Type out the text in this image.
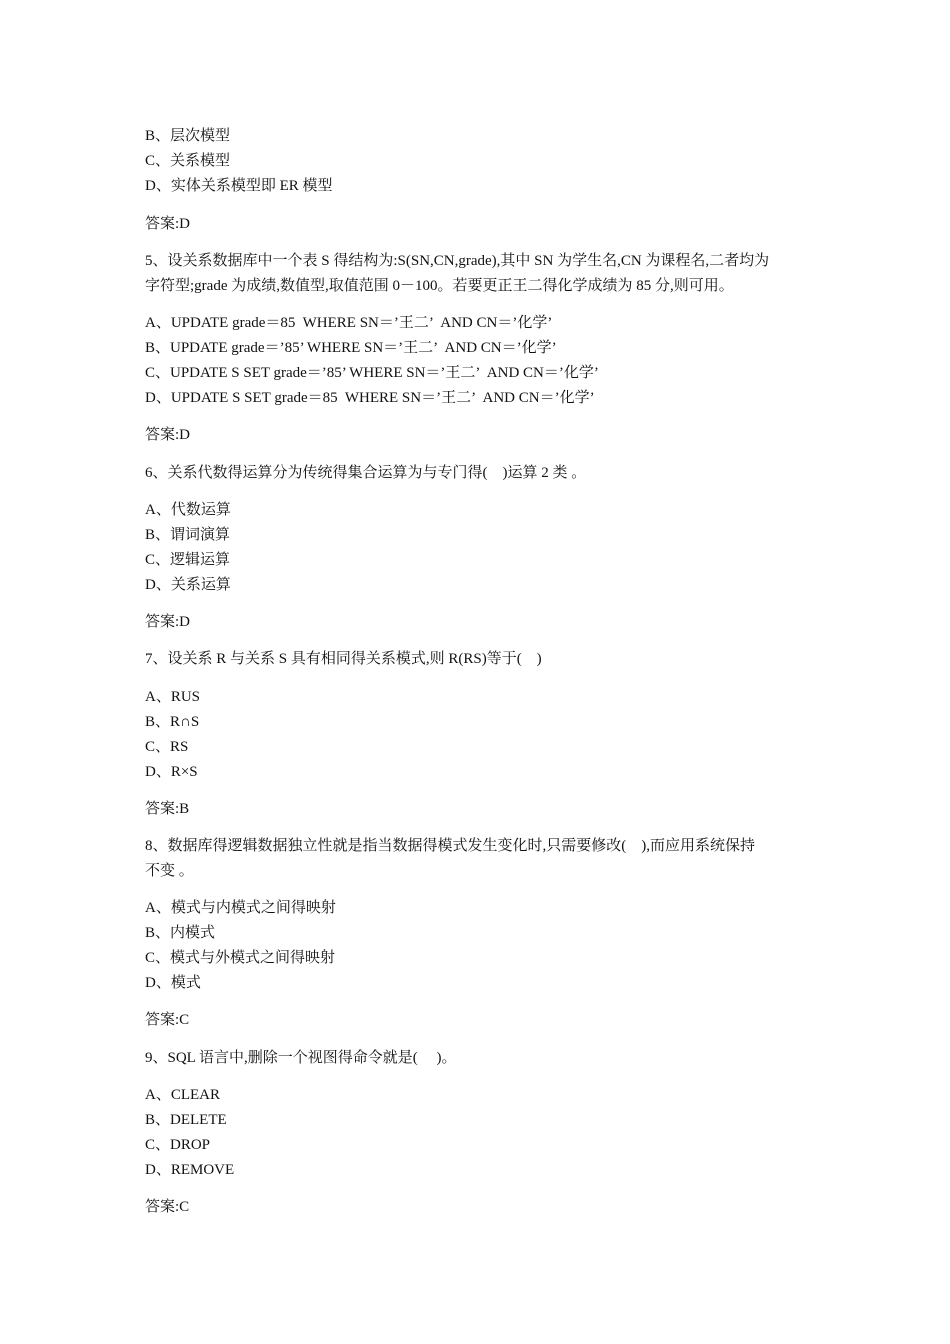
B、层次模型
C、关系模型
D、实体关系模型即 ER 模型
答案:D
5、设关系数据库中一个表 S 得结构为:S(SN,CN,grade),其中 SN 为学生名,CN 为课程名,二者均为
字符型;grade 为成绩,数值型,取值范围 0－100。若要更正王二得化学成绩为 85 分,则可用。
A、UPDATE grade＝85  WHERE SN＝’王二’  AND CN＝’化学’
B、UPDATE grade＝’85’ WHERE SN＝’王二’  AND CN＝’化学’
C、UPDATE S SET grade＝’85’ WHERE SN＝’王二’  AND CN＝’化学’
D、UPDATE S SET grade＝85  WHERE SN＝’王二’  AND CN＝’化学’
答案:D
6、关系代数得运算分为传统得集合运算为与专门得(    )运算 2 类 。
A、代数运算
B、谓词演算
C、逻辑运算
D、关系运算
答案:D
7、设关系 R 与关系 S 具有相同得关系模式,则 R(RS)等于(    )
A、RUS
B、R∩S
C、RS
D、R×S
答案:B
8、数据库得逻辑数据独立性就是指当数据得模式发生变化时,只需要修改(    ),而应用系统保持
不变 。
A、模式与内模式之间得映射
B、内模式
C、模式与外模式之间得映射
D、模式
答案:C
9、SQL 语言中,删除一个视图得命令就是(     )。
A、CLEAR
B、DELETE
C、DROP
D、REMOVE
答案:C
